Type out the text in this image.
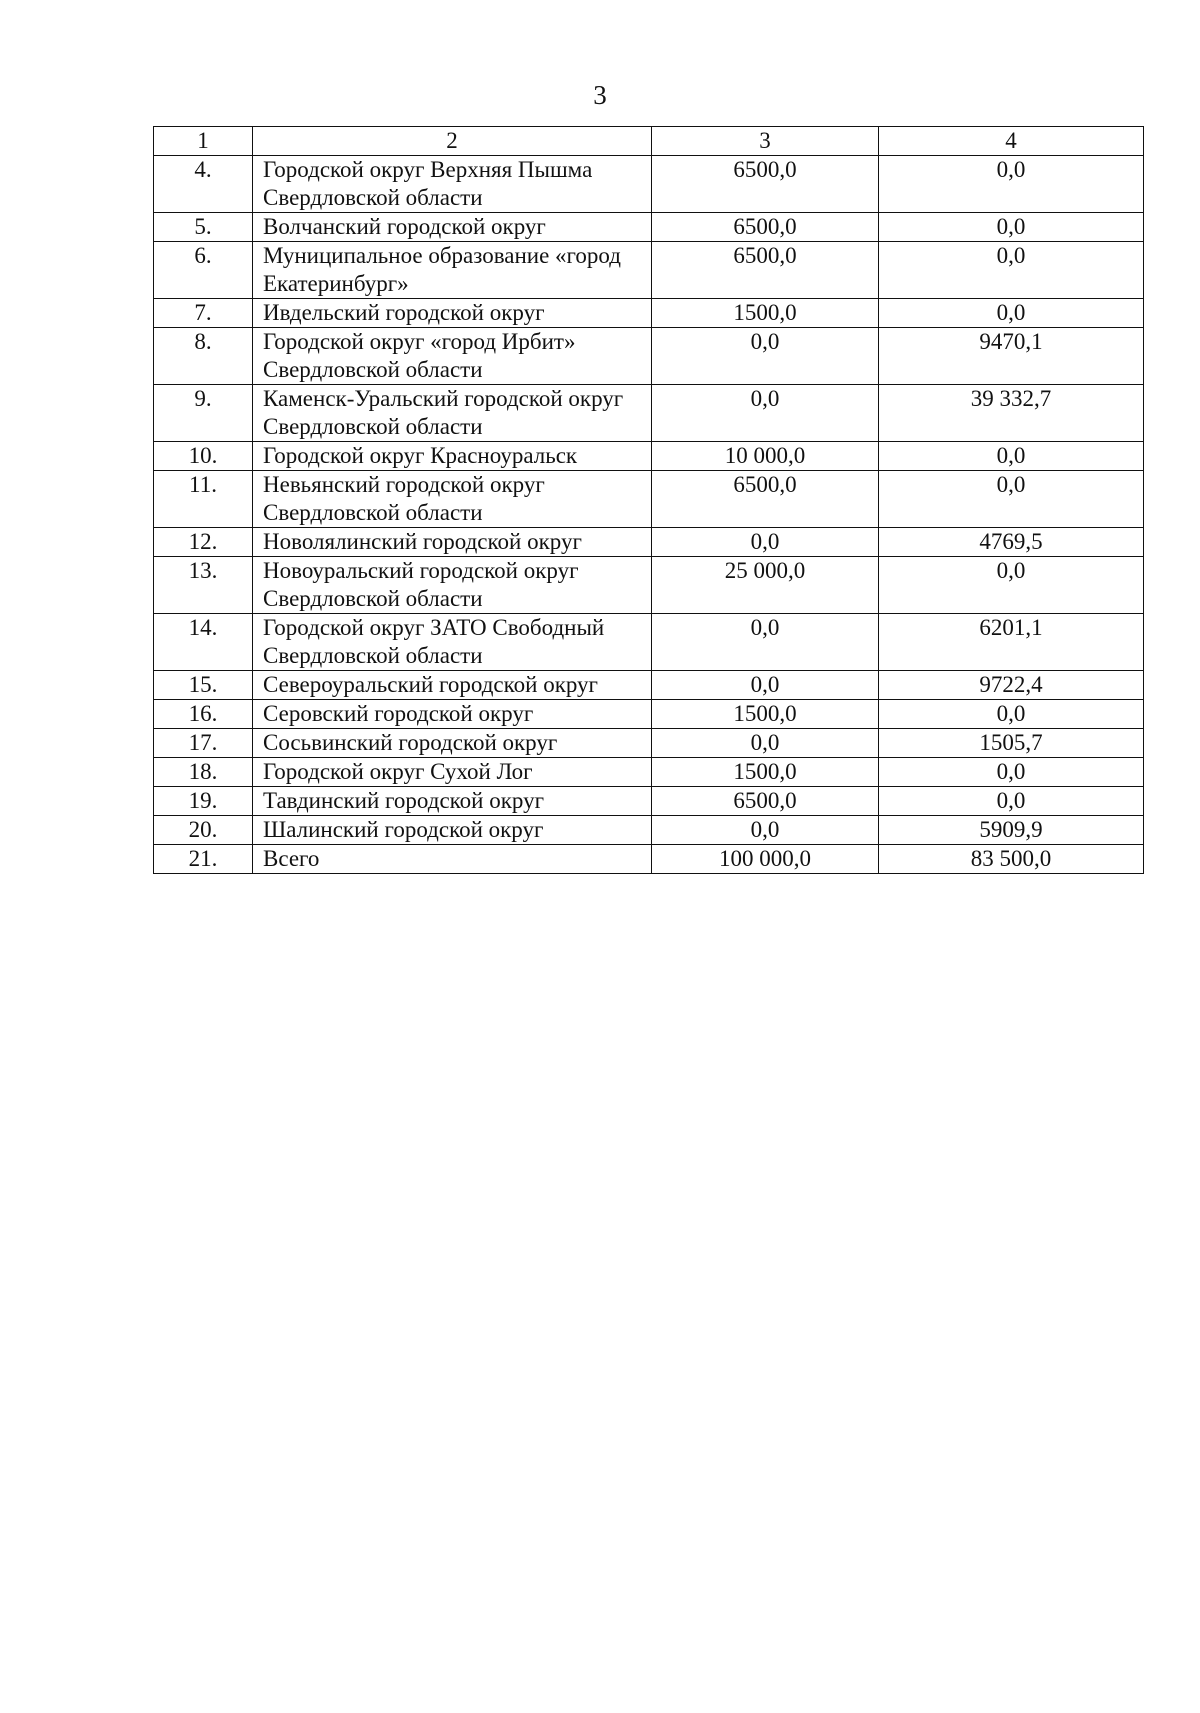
3
1	2	3	4
4.	Городской округ Верхняя Пышма Свердловской области	6500,0	0,0
5.	Волчанский городской округ	6500,0	0,0
6.	Муниципальное образование «город Екатеринбург»	6500,0	0,0
7.	Ивдельский городской округ	1500,0	0,0
8.	Городской округ «город Ирбит» Свердловской области	0,0	9470,1
9.	Каменск-Уральский городской округ Свердловской области	0,0	39 332,7
10.	Городской округ Красноуральск	10 000,0	0,0
11.	Невьянский городской округ Свердловской области	6500,0	0,0
12.	Новолялинский городской округ	0,0	4769,5
13.	Новоуральский городской округ Свердловской области	25 000,0	0,0
14.	Городской округ ЗАТО Свободный Свердловской области	0,0	6201,1
15.	Североуральский городской округ	0,0	9722,4
16.	Серовский городской округ	1500,0	0,0
17.	Сосьвинский городской округ	0,0	1505,7
18.	Городской округ Сухой Лог	1500,0	0,0
19.	Тавдинский городской округ	6500,0	0,0
20.	Шалинский городской округ	0,0	5909,9
21.	Всего	100 000,0	83 500,0
